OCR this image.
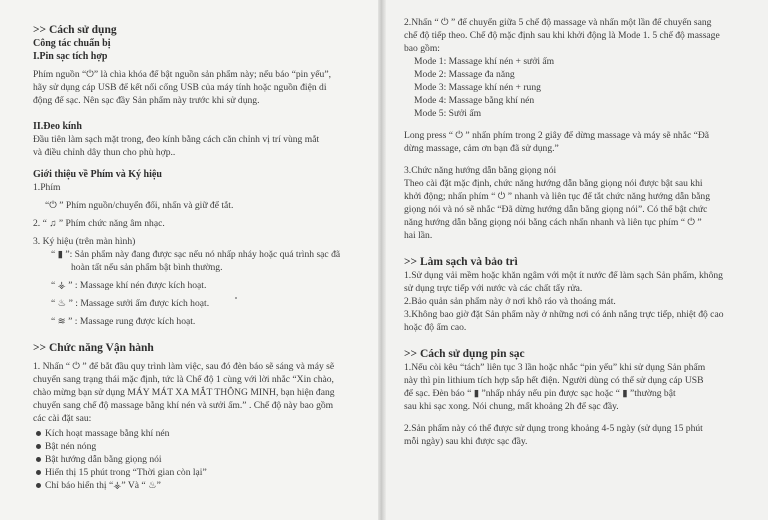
>> Cách sử dụng
Công tác chuẩn bị
I.Pin sạc tích hợp

Phím nguồn “⏻” là chìa khóa để bật nguồn sản phẩm này; nếu báo “pin yếu”,

hãy sử dụng cáp USB để kết nối cổng USB của máy tính hoặc nguồn điện di

động để sạc. Nên sạc đầy Sản phẩm này trước khi sử dụng.

II.Đeo kính

Đầu tiên làm sạch mặt trong, đeo kính bằng cách căn chỉnh vị trí vùng mắt

và điều chỉnh dây thun cho phù hợp..

Giới thiệu về Phím và Ký hiệu

1.Phím

“⏻ ” Phím nguồn/chuyển đổi, nhấn và giữ để tắt.

2. “ ♫ ” Phím chức năng âm nhạc.

3. Ký hiệu (trên màn hình)

“ ▮ ”: Sản phẩm này đang được sạc nếu nó nhấp nháy hoặc quá trình sạc đã

hoàn tất nếu sản phẩm bật bình thường.

“ ⚶ ” : Massage khí nén được kích hoạt.

“ ♨ ” : Massage sưởi ấm được kích hoạt.

“ ≋ ” : Massage rung được kích hoạt.

>> Chức năng Vận hành

1. Nhấn “ ⏻ ” để bắt đầu quy trình làm việc, sau đó đèn báo sẽ sáng và máy sẽ

chuyển sang trạng thái mặc định, tức là Chế độ 1 cùng với lời nhắc “Xin chào,

chào mừng bạn sử dụng MÁY MÁT XA MẮT THÔNG MINH, bạn hiện đang

chuyển sang chế độ massage bằng khí nén và sưởi ấm.” . Chế độ này bao gồm

các cài đặt sau:

Kích hoạt massage bằng khí nén
Bật nén nóng
Bật hướng dẫn bằng giọng nói
Hiển thị 15 phút trong “Thời gian còn lại”
Chỉ báo hiển thị “⚶” Và “ ♨”

2.Nhấn “ ⏻ ” để chuyển giữa 5 chế độ massage và nhấn một lần để chuyển sang

chế độ tiếp theo. Chế độ mặc định sau khi khởi động là Mode 1. 5 chế độ massage

bao gồm:

Mode 1: Massage khí nén + sưởi ấm

Mode 2: Massage đa năng

Mode 3: Massage khí nén + rung

Mode 4: Massage bằng khí nén

Mode 5: Sưởi ấm

Long press “ ⏻ ” nhấn phím trong 2 giây để dừng massage và máy sẽ nhắc “Đã

dừng massage, cảm ơn bạn đã sử dụng.”

3.Chức năng hướng dẫn bằng giọng nói

Theo cài đặt mặc định, chức năng hướng dẫn bằng giọng nói được bật sau khi

khởi động; nhấn phím “ ⏻ ” nhanh và liên tục để tắt chức năng hướng dẫn bằng

giọng nói và nó sẽ nhắc “Đã dừng hướng dẫn bằng giọng nói”. Có thể bật chức

năng hướng dẫn bằng giọng nói bằng cách nhấn nhanh và liên tục phím “ ⏻ ”

hai lần.

>> Làm sạch và bảo trì

1.Sử dụng vải mềm hoặc khăn ngâm với một ít nước để làm sạch Sản phẩm, không

sử dụng trực tiếp với nước và các chất tẩy rửa.

2.Bảo quản sản phẩm này ở nơi khô ráo và thoáng mát.

3.Không bao giờ đặt Sản phẩm này ở những nơi có ánh nắng trực tiếp, nhiệt độ cao

hoặc độ ẩm cao.

>> Cách sử dụng pin sạc

1.Nếu còi kêu “tách” liên tục 3 lần hoặc nhắc “pin yếu” khi sử dụng Sản phẩm

này thì pin lithium tích hợp sắp hết điện. Người dùng có thể sử dụng cáp USB

để sạc. Đèn báo “ ▮ ”nhấp nháy nếu pin được sạc hoặc “ ▮ ”thường bật

sau khi sạc xong. Nói chung, mất khoảng 2h để sạc đầy.

2.Sản phẩm này có thể được sử dụng trong khoảng 4-5 ngày (sử dụng 15 phút

mỗi ngày) sau khi được sạc đầy.
